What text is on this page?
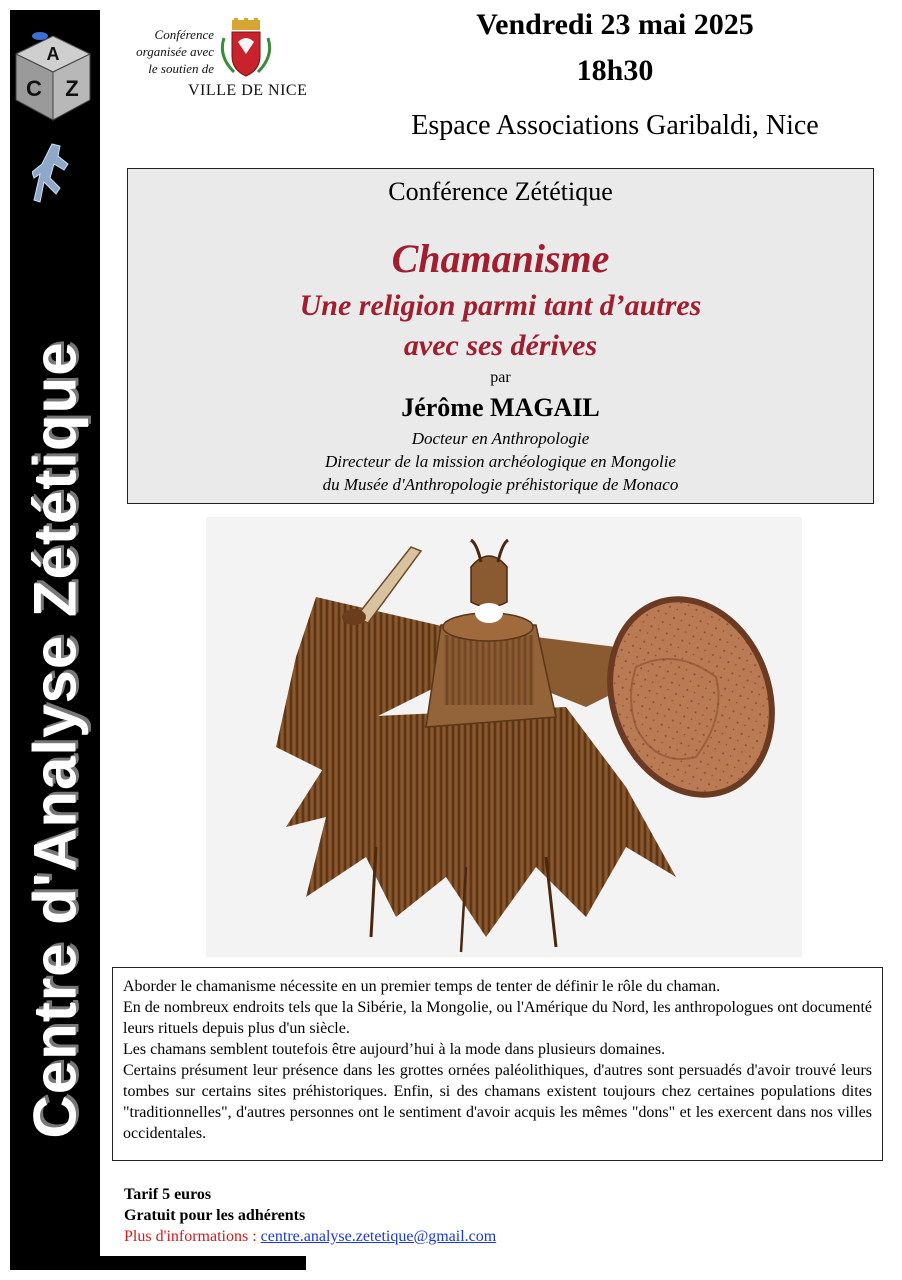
A
Z
C
Centre d'Analyse Zététique
Conférence
organisée avec
le soutien de
VILLE DE NICE
Vendredi 23 mai 2025
18h30
Espace Associations Garibaldi, Nice
Conférence Zététique
Chamanisme
Une religion parmi tant d’autres
avec ses dérives
par
Jérôme MAGAIL
Docteur en Anthropologie
Directeur de la mission archéologique en Mongolie
du Musée d'Anthropologie préhistorique de Monaco

Aborder le chamanisme nécessite en un premier temps de tenter de définir le rôle du chaman.

En de nombreux endroits tels que la Sibérie, la Mongolie, ou l'Amérique du Nord, les anthropologues ont documenté leurs rituels depuis plus d'un siècle.

Les chamans semblent toutefois être aujourd’hui à la mode dans plusieurs domaines.

Certains présument leur présence dans les grottes ornées paléolithiques, d'autres sont persuadés d'avoir trouvé leurs tombes sur certains sites préhistoriques. Enfin, si des chamans existent toujours chez certaines populations dites "traditionnelles", d'autres personnes ont le sentiment d'avoir acquis les mêmes "dons" et les exercent dans nos villes occidentales.

Tarif 5 euros
Gratuit pour les adhérents
Plus d'informations : centre.analyse.zetetique@gmail.com
